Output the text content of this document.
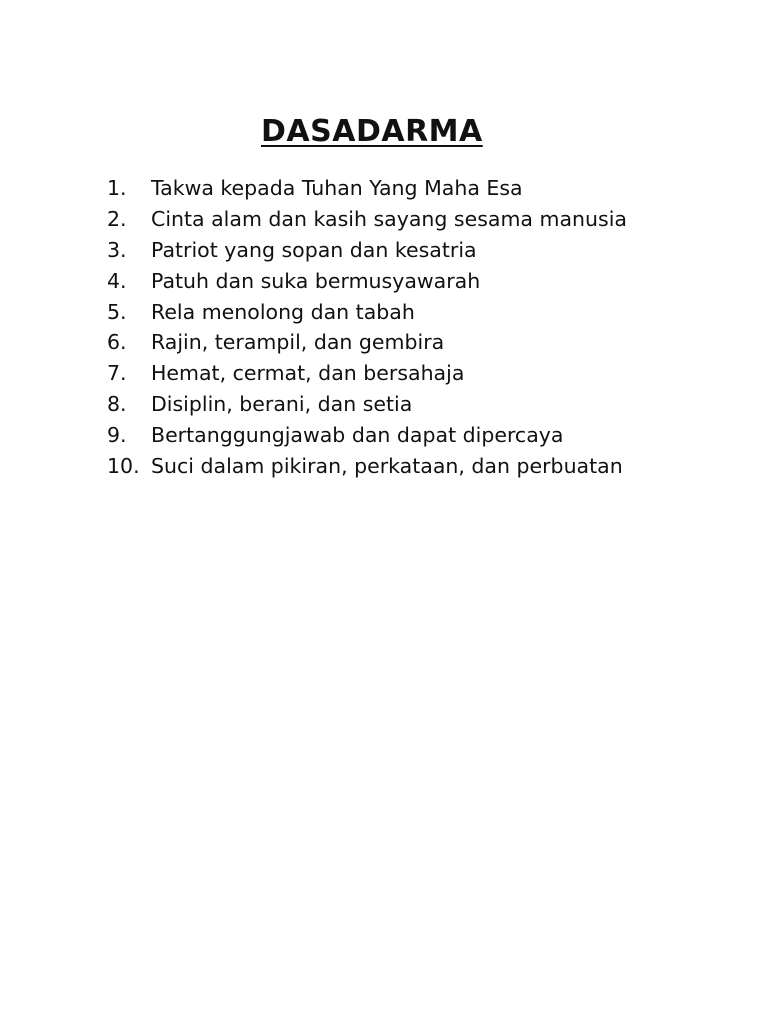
DASADARMA
1.	Takwa kepada Tuhan Yang Maha Esa
2.	Cinta alam dan kasih sayang sesama manusia
3.	Patriot yang sopan dan kesatria
4.	Patuh dan suka bermusyawarah
5.	Rela menolong dan tabah
6.	Rajin, terampil, dan gembira
7.	Hemat, cermat, dan bersahaja
8.	Disiplin, berani, dan setia
9.	Bertanggungjawab dan dapat dipercaya
10. Suci dalam pikiran, perkataan, dan perbuatan
